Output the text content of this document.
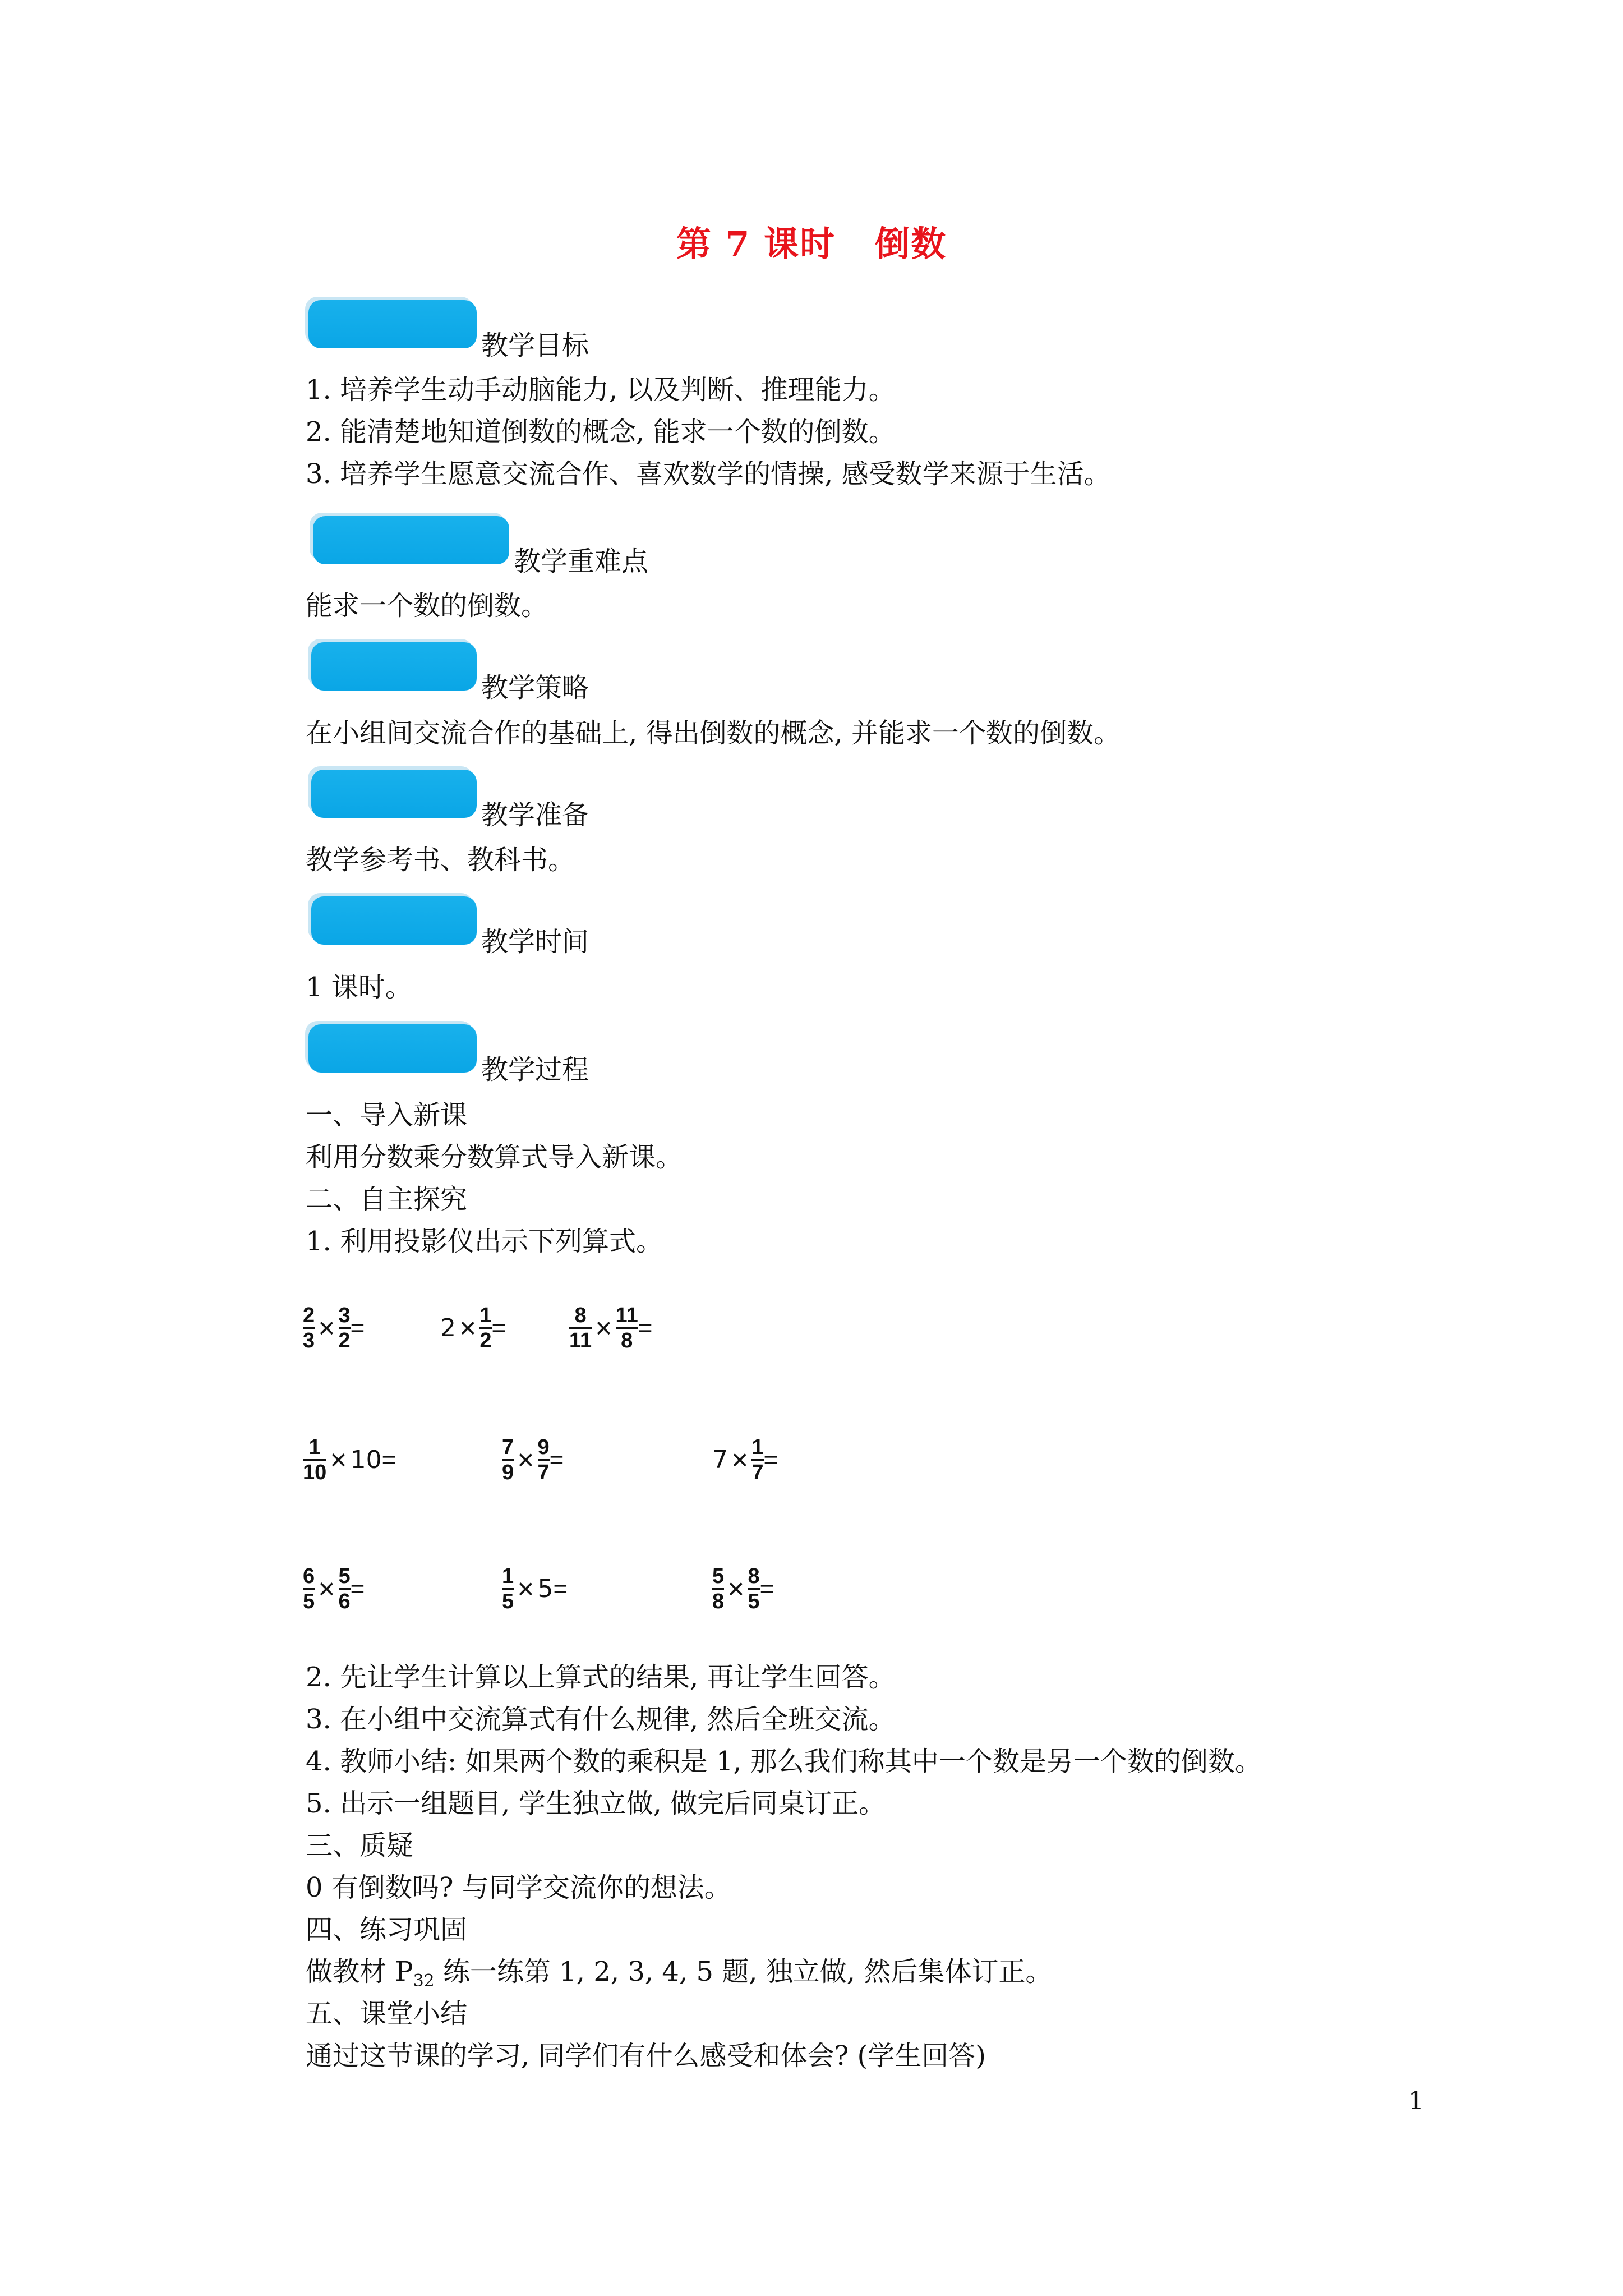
第 7 课时 倒数
教学目标
1. 培养学生动手动脑能力, 以及判断、推理能力。
2. 能清楚地知道倒数的概念, 能求一个数的倒数。
3. 培养学生愿意交流合作、喜欢数学的情操, 感受数学来源于生活。
教学重难点
能求一个数的倒数。
教学策略
在小组间交流合作的基础上, 得出倒数的概念, 并能求一个数的倒数。
教学准备
教学参考书、教科书。
教学时间
1 课时。
教学过程
一、导入新课
利用分数乘分数算式导入新课。
二、自主探究
1. 利用投影仪出示下列算式。
$\frac{2}{3} \times \frac{3}{2}$ =	$2 \times \frac{1}{2}$ =	$\frac{8}{11} \times \frac{11}{8}$ =
$\frac{1}{10} \times 10$ =	$\frac{7}{9} \times \frac{9}{7}$ =	$7 \times \frac{1}{7}$ =
$\frac{6}{5} \times \frac{5}{6}$ =	$\frac{1}{5} \times 5$ =	$\frac{5}{8} \times \frac{8}{5}$ =
2. 先让学生计算以上算式的结果, 再让学生回答。
3. 在小组中交流算式有什么规律, 然后全班交流。
4. 教师小结: 如果两个数的乘积是 1, 那么我们称其中一个数是另一个数的倒数。
5. 出示一组题目, 学生独立做, 做完后同桌订正。
三、质疑
0 有倒数吗? 与同学交流你的想法。
四、练习巩固
做教材 $P_{32}$ 练一练第 1, 2, 3, 4, 5 题, 独立做, 然后集体订正。
五、课堂小结
通过这节课的学习, 同学们有什么感受和体会? (学生回答)
1
